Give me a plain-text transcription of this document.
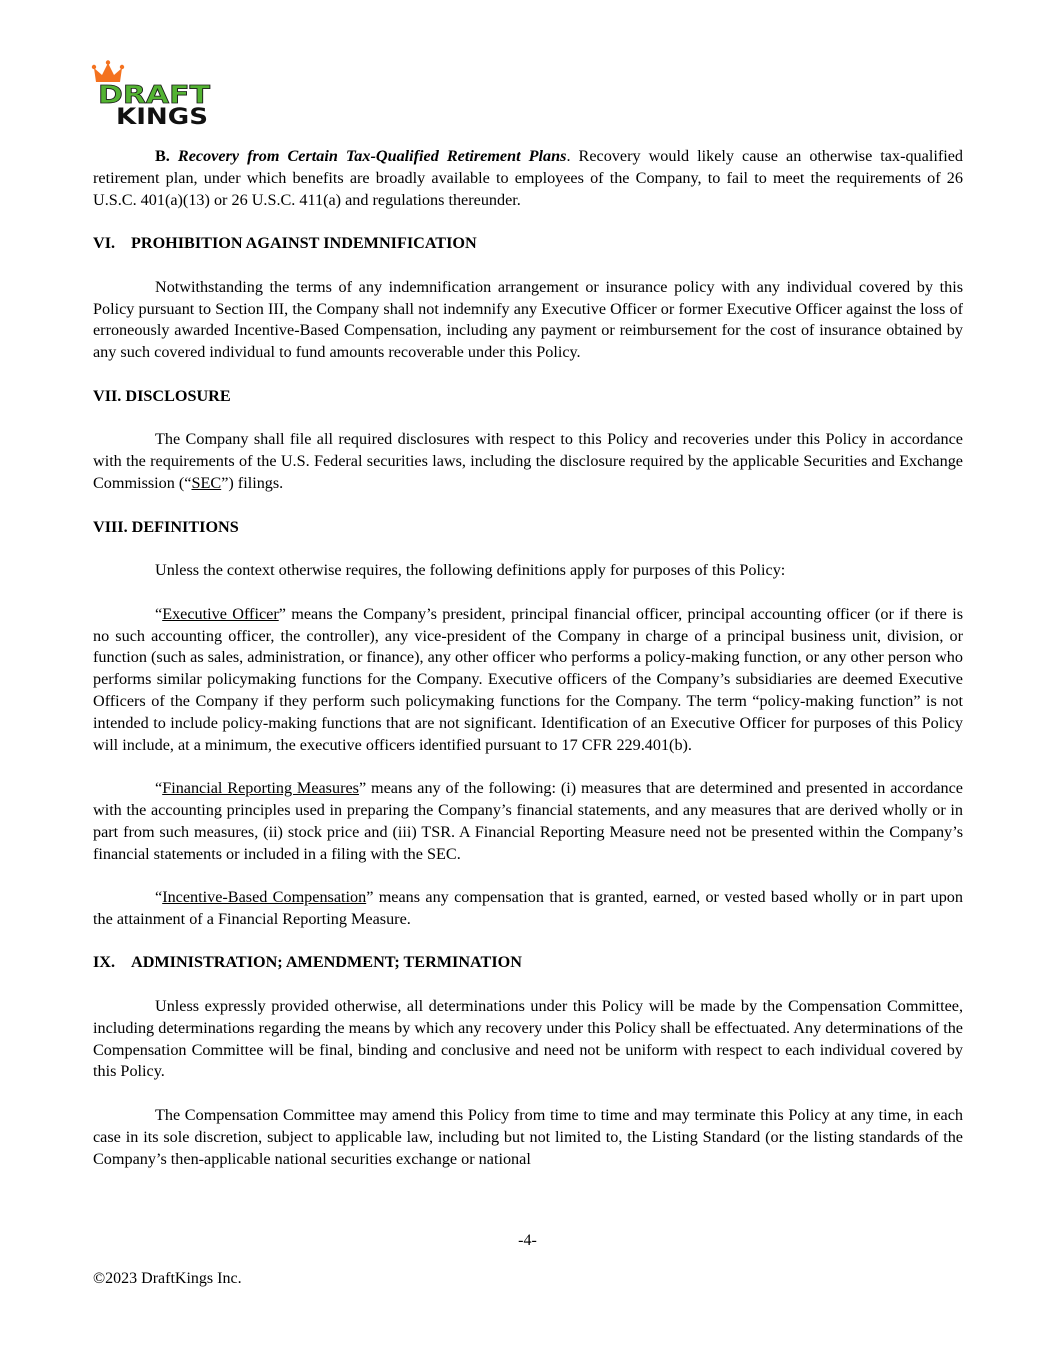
DRAFT
KINGS

B. Recovery from Certain Tax-Qualified Retirement Plans. Recovery would likely cause an otherwise tax-qualified retirement plan, under which benefits are broadly available to employees of the Company, to fail to meet the requirements of 26 U.S.C. 401(a)(13) or 26 U.S.C. 411(a) and regulations thereunder.

VI. PROHIBITION AGAINST INDEMNIFICATION

Notwithstanding the terms of any indemnification arrangement or insurance policy with any individual covered by this Policy pursuant to Section III, the Company shall not indemnify any Executive Officer or former Executive Officer against the loss of erroneously awarded Incentive-Based Compensation, including any payment or reimbursement for the cost of insurance obtained by any such covered individual to fund amounts recoverable under this Policy.

VII. DISCLOSURE

The Company shall file all required disclosures with respect to this Policy and recoveries under this Policy in accordance with the requirements of the U.S. Federal securities laws, including the disclosure required by the applicable Securities and Exchange Commission (“SEC”) filings.

VIII. DEFINITIONS

Unless the context otherwise requires, the following definitions apply for purposes of this Policy:

“Executive Officer” means the Company’s president, principal financial officer, principal accounting officer (or if there is no such accounting officer, the controller), any vice-president of the Company in charge of a principal business unit, division, or function (such as sales, administration, or finance), any other officer who performs a policy-making function, or any other person who performs similar policymaking functions for the Company. Executive officers of the Company’s subsidiaries are deemed Executive Officers of the Company if they perform such policymaking functions for the Company. The term “policy-making function” is not intended to include policy-making functions that are not significant. Identification of an Executive Officer for purposes of this Policy will include, at a minimum, the executive officers identified pursuant to 17 CFR 229.401(b).

“Financial Reporting Measures” means any of the following: (i) measures that are determined and presented in accordance with the accounting principles used in preparing the Company’s financial statements, and any measures that are derived wholly or in part from such measures, (ii) stock price and (iii) TSR. A Financial Reporting Measure need not be presented within the Company’s financial statements or included in a filing with the SEC.

“Incentive-Based Compensation” means any compensation that is granted, earned, or vested based wholly or in part upon the attainment of a Financial Reporting Measure.

IX. ADMINISTRATION; AMENDMENT; TERMINATION

Unless expressly provided otherwise, all determinations under this Policy will be made by the Compensation Committee, including determinations regarding the means by which any recovery under this Policy shall be effectuated. Any determinations of the Compensation Committee will be final, binding and conclusive and need not be uniform with respect to each individual covered by this Policy.

The Compensation Committee may amend this Policy from time to time and may terminate this Policy at any time, in each case in its sole discretion, subject to applicable law, including but not limited to, the Listing Standard (or the listing standards of the Company’s then-applicable national securities exchange or national

-4-
©2023 DraftKings Inc.
